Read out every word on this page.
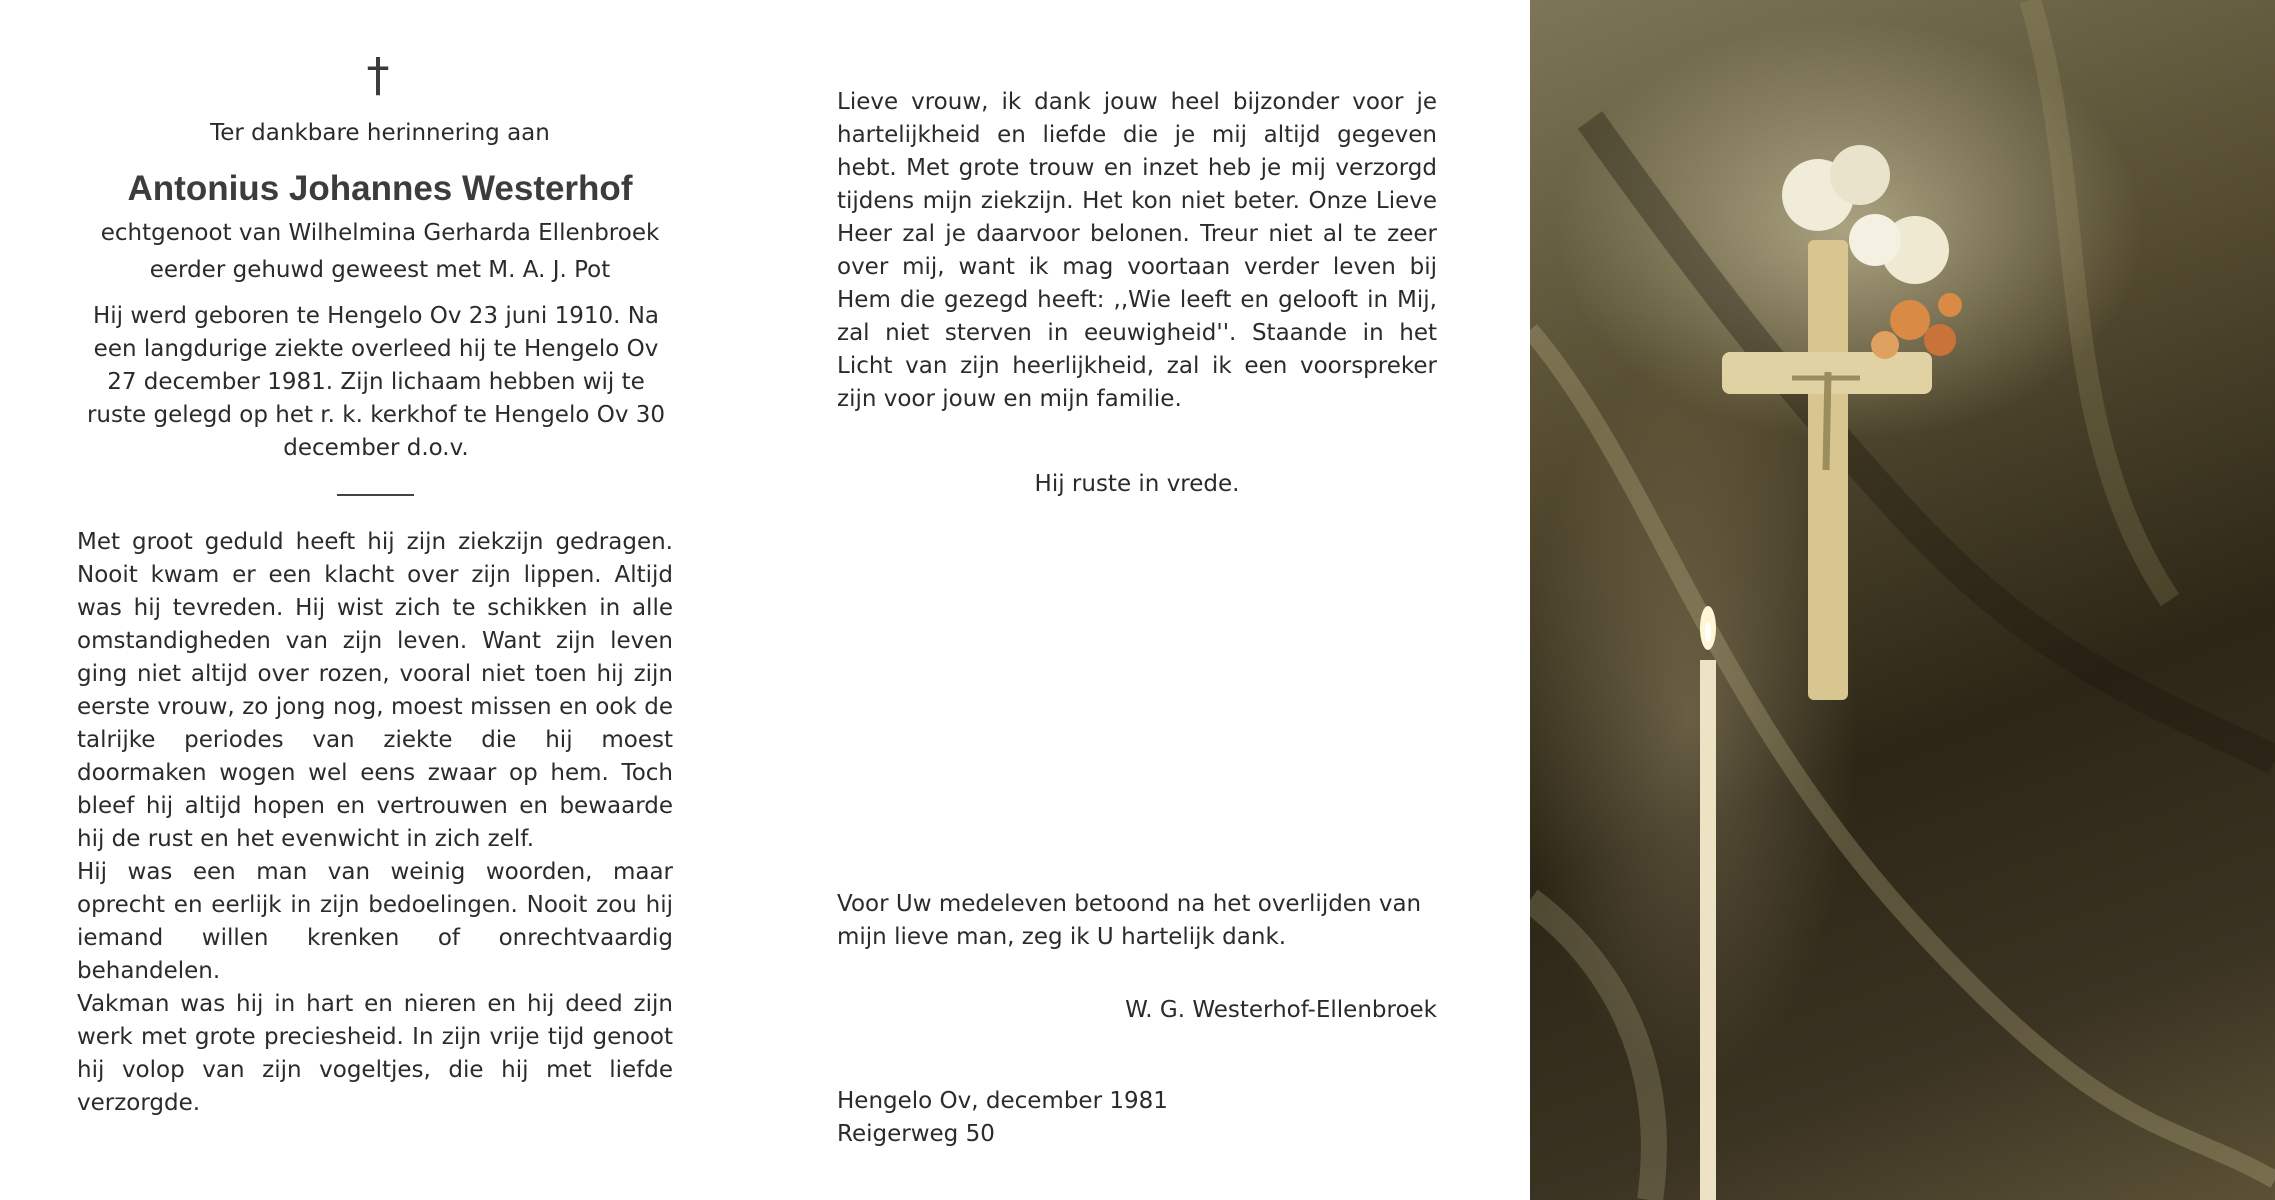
†
Ter dankbare herinnering aan
Antonius Johannes Westerhof
echtgenoot van Wilhelmina Gerharda Ellenbroek
eerder gehuwd geweest met M. A. J. Pot
Hij werd geboren te Hengelo Ov 23 juni 1910. Na een langdurige ziekte overleed hij te Hengelo Ov 27 december 1981. Zijn lichaam hebben wij te ruste gelegd op het r. k. kerkhof te Hengelo Ov 30 december d.o.v.

Met groot geduld heeft hij zijn ziekzijn gedragen. Nooit kwam er een klacht over zijn lippen. Altijd was hij tevreden. Hij wist zich te schikken in alle omstandigheden van zijn leven. Want zijn leven ging niet altijd over rozen, vooral niet toen hij zijn eerste vrouw, zo jong nog, moest missen en ook de talrijke periodes van ziekte die hij moest doormaken wogen wel eens zwaar op hem. Toch bleef hij altijd hopen en vertrouwen en bewaarde hij de rust en het evenwicht in zich zelf.

Hij was een man van weinig woorden, maar oprecht en eerlijk in zijn bedoelingen. Nooit zou hij iemand willen krenken of onrechtvaardig behandelen.

Vakman was hij in hart en nieren en hij deed zijn werk met grote preciesheid. In zijn vrije tijd genoot hij volop van zijn vogeltjes, die hij met liefde verzorgde.

Lieve vrouw, ik dank jouw heel bijzonder voor je hartelijkheid en liefde die je mij altijd gegeven hebt. Met grote trouw en inzet heb je mij verzorgd tijdens mijn ziekzijn. Het kon niet beter. Onze Lieve Heer zal je daarvoor belonen. Treur niet al te zeer over mij, want ik mag voortaan verder leven bij Hem die gezegd heeft: ,,Wie leeft en gelooft in Mij, zal niet sterven in eeuwigheid''. Staande in het Licht van zijn heerlijkheid, zal ik een voorspreker zijn voor jouw en mijn familie.
Hij ruste in vrede.
Voor Uw medeleven betoond na het overlijden van mijn lieve man, zeg ik U hartelijk dank.
W. G. Westerhof-Ellenbroek
Hengelo Ov, december 1981
Reigerweg 50
